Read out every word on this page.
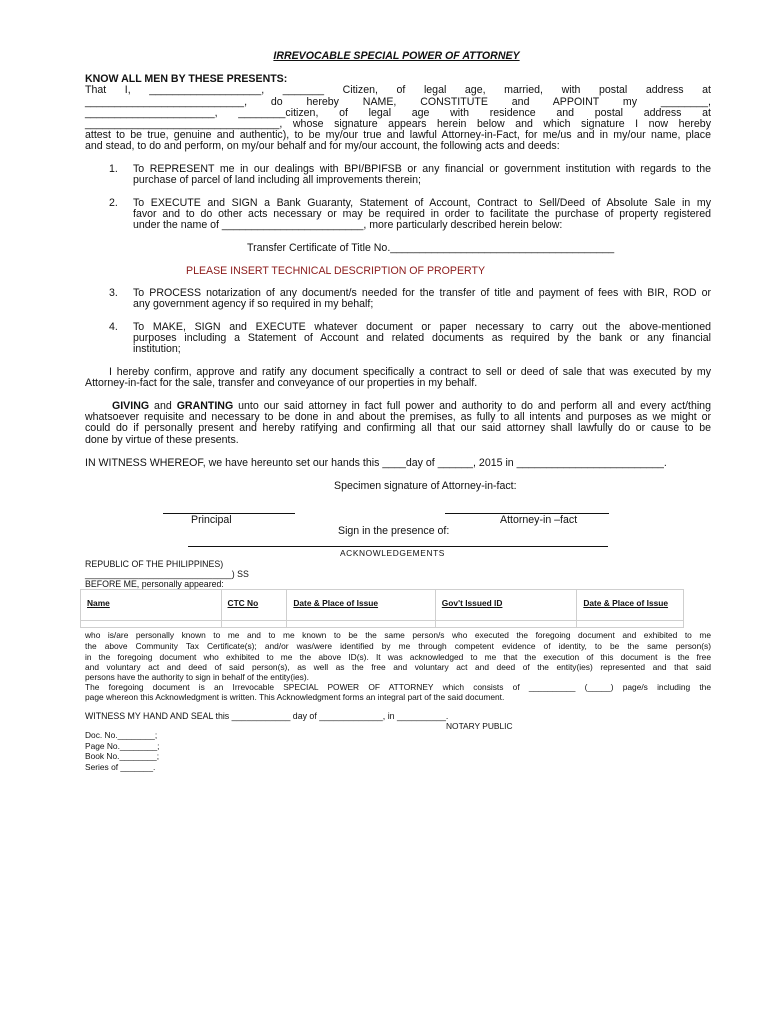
IRREVOCABLE SPECIAL POWER OF ATTORNEY
KNOW ALL MEN BY THESE PRESENTS:
That I, ___________________, _______ Citizen, of legal age, married, with postal address at
___________________________, do hereby NAME, CONSTITUTE and APPOINT my ________,
______________________, ________citizen, of legal age with residence and postal address at
_________________________________, whose signature appears herein below and which signature I now hereby
attest to be true, genuine and authentic), to be my/our true and lawful Attorney-in-Fact, for me/us and in my/our name, place
and stead, to do and perform, on my/our behalf and for my/our account, the following acts and deeds:
1. To REPRESENT me in our dealings with BPI/BPIFSB or any financial or government institution with regards to the
purchase of parcel of land including all improvements therein;
2. To EXECUTE and SIGN a Bank Guaranty, Statement of Account, Contract to Sell/Deed of Absolute Sale in my
favor and to do other acts necessary or may be required in order to facilitate the purchase of property registered
under the name of ________________________, more particularly described herein below:
Transfer Certificate of Title No.______________________________________
PLEASE INSERT TECHNICAL DESCRIPTION OF PROPERTY
3. To PROCESS notarization of any document/s needed for the transfer of title and payment of fees with BIR, ROD or
any government agency if so required in my behalf;
4. To MAKE, SIGN and EXECUTE whatever document or paper necessary to carry out the above-mentioned
purposes including a Statement of Account and related documents as required by the bank or any financial
institution;
I hereby confirm, approve and ratify any document specifically a contract to sell or deed of sale that was executed by my
Attorney-in-fact for the sale, transfer and conveyance of our properties in my behalf.
GIVING and GRANTING unto our said attorney in fact full power and authority to do and perform all and every act/thing
whatsoever requisite and necessary to be done in and about the premises, as fully to all intents and purposes as we might or
could do if personally present and hereby ratifying and confirming all that our said attorney shall lawfully do or cause to be
done by virtue of these presents.
IN WITNESS WHEREOF, we have hereunto set our hands this ____day of ______, 2015 in _________________________.
Specimen signature of Attorney-in-fact:
Principal	Attorney-in –fact
Sign in the presence of:
ACKNOWLEDGEMENTS
REPUBLIC OF THE PHILIPPINES)
______________________________) SS
BEFORE ME, personally appeared:
Name	CTC No	Date & Place of Issue	Gov't Issued ID	Date & Place of Issue

who is/are personally known to me and to me known to be the same person/s who executed the foregoing document and exhibited to me
the above Community Tax Certificate(s); and/or was/were identified by me through competent evidence of identity, to be the same person(s)
in the foregoing document who exhibited to me the above ID(s). It was acknowledged to me that the execution of this document is the free
and voluntary act and deed of said person(s), as well as the free and voluntary act and deed of the entity(ies) represented and that said
persons have the authority to sign in behalf of the entity(ies).
The foregoing document is an Irrevocable SPECIAL POWER OF ATTORNEY which consists of __________ (_____) page/s including the
page whereon this Acknowledgment is written. This Acknowledgment forms an integral part of the said document.
WITNESS MY HAND AND SEAL this ____________ day of _____________, in __________.
NOTARY PUBLIC
Doc. No.________;
Page No.________;
Book No.________;
Series of _______.
